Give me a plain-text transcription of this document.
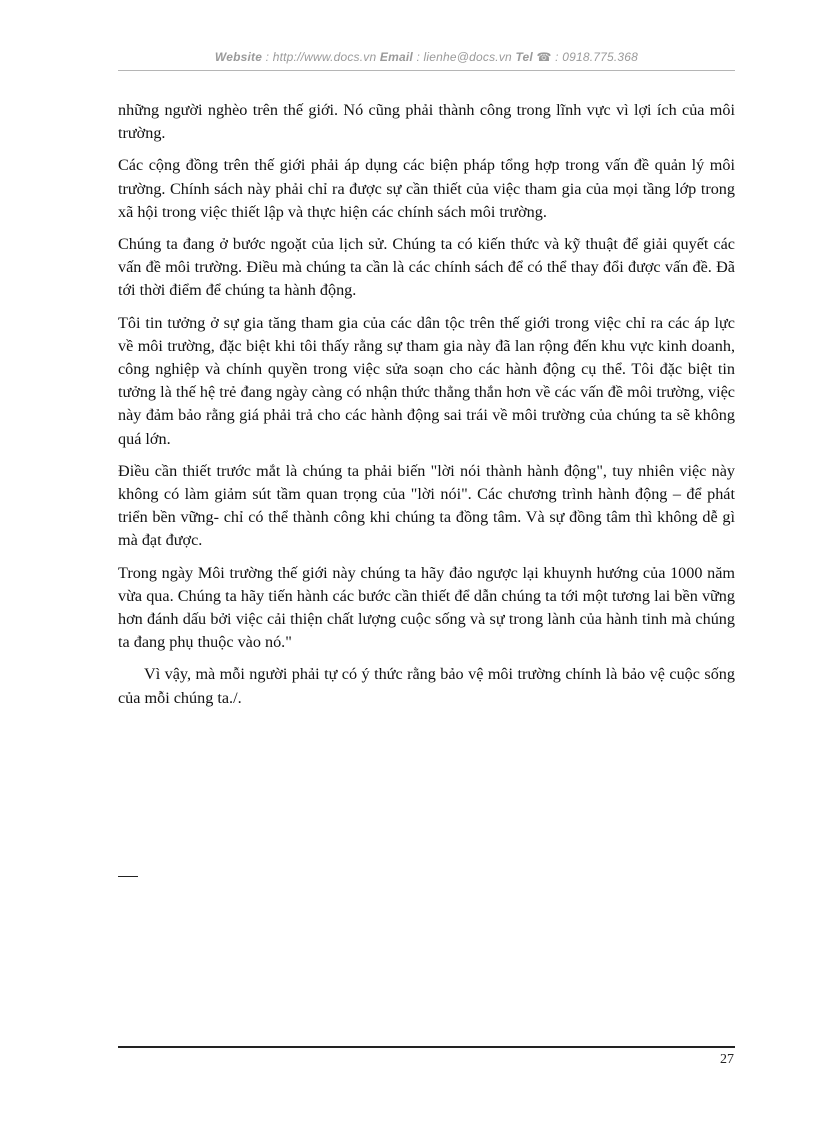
Website : http://www.docs.vn Email : lienhe@docs.vn Tel ☎ : 0918.775.368

những người nghèo trên thế giới. Nó cũng phải thành công trong lĩnh vực vì lợi ích của môi trường.

Các cộng đồng trên thế giới phải áp dụng các biện pháp tổng hợp trong vấn đề quản lý môi trường. Chính sách này phải chỉ ra được sự cần thiết của việc tham gia của mọi tầng lớp trong xã hội trong việc thiết lập và thực hiện các chính sách môi trường.

Chúng ta đang ở bước ngoặt của lịch sử. Chúng ta có kiến thức và kỹ thuật để giải quyết các vấn đề môi trường. Điều mà chúng ta cần là các chính sách để có thể thay đổi được vấn đề. Đã tới thời điểm để chúng ta hành động.

Tôi tin tưởng ở sự gia tăng tham gia của các dân tộc trên thế giới trong việc chỉ ra các áp lực về môi trường, đặc biệt khi tôi thấy rằng sự tham gia này đã lan rộng đến khu vực kinh doanh, công nghiệp và chính quyền trong việc sửa soạn cho các hành động cụ thể. Tôi đặc biệt tin tưởng là thế hệ trẻ đang ngày càng có nhận thức thẳng thắn hơn về các vấn đề môi trường, việc này đảm bảo rằng giá phải trả cho các hành động sai trái về môi trường của chúng ta sẽ không quá lớn.

Điều cần thiết trước mắt là chúng ta phải biến "lời nói thành hành động", tuy nhiên việc này không có làm giảm sút tầm quan trọng của "lời nói". Các chương trình hành động – để phát triển bền vững- chỉ có thể thành công khi chúng ta đồng tâm. Và sự đồng tâm thì không dễ gì mà đạt được.

Trong ngày Môi trường thế giới này chúng ta hãy đảo ngược lại khuynh hướng của 1000 năm vừa qua. Chúng ta hãy tiến hành các bước cần thiết để dẫn chúng ta tới một tương lai bền vững hơn đánh dấu bởi việc cải thiện chất lượng cuộc sống và sự trong lành của hành tinh mà chúng ta đang phụ thuộc vào nó."

Vì vậy, mà mỗi người phải tự có ý thức rằng bảo vệ môi trường chính là bảo vệ cuộc sống của mỗi chúng ta./.

27
